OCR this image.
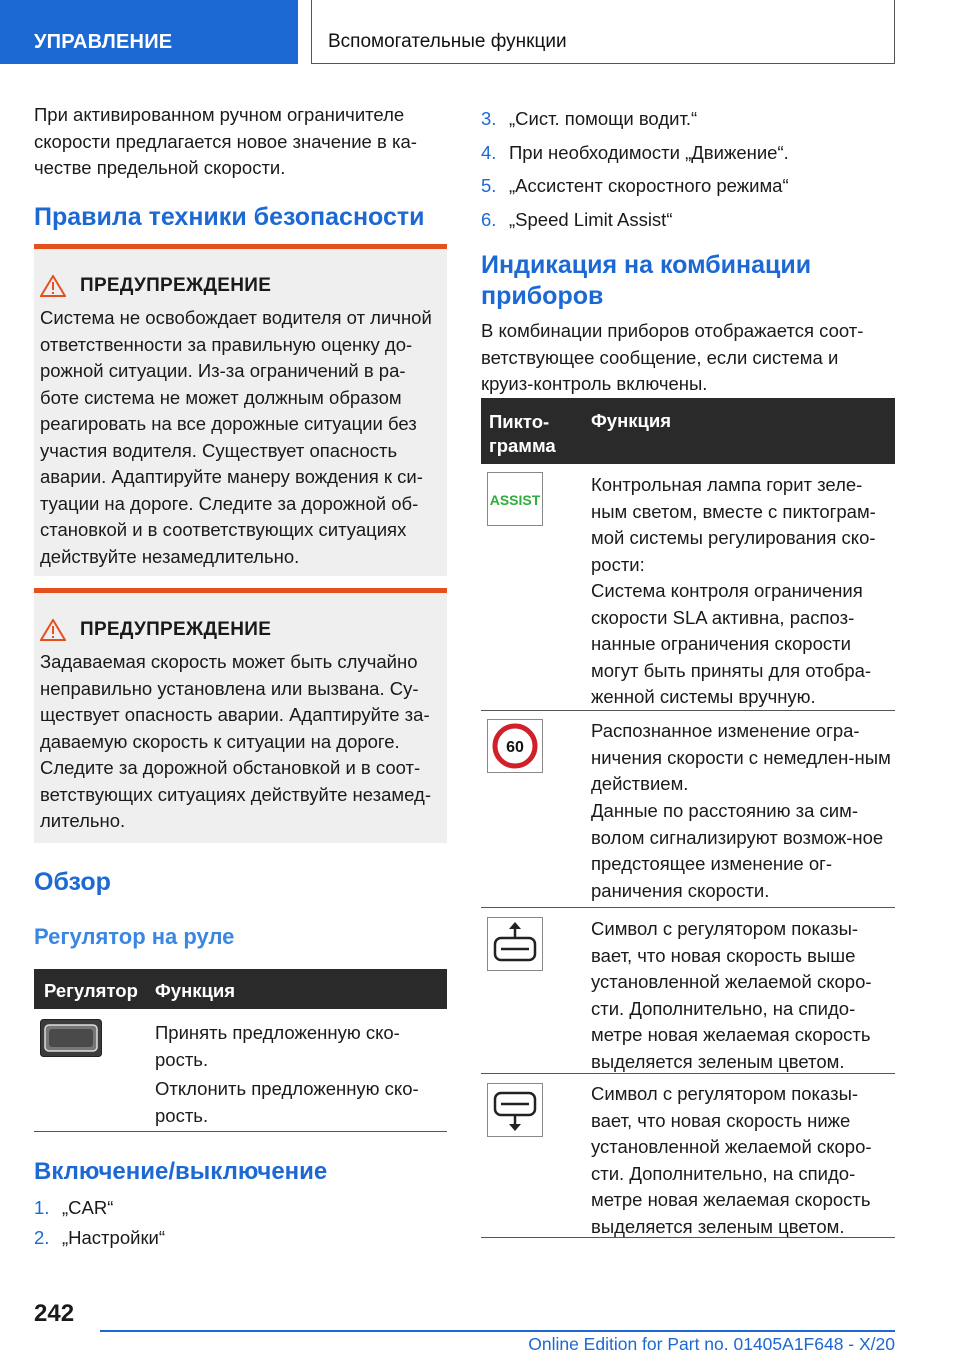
УПРАВЛЕНИЕ	Вспомогательные функции

При активированном ручном ограничителе скорости предлагается новое значение в ка-честве предельной скорости.

Правила техники безопасности
ПРЕДУПРЕЖДЕНИЕ

Система не освобождает водителя от личной ответственности за правильную оценку до-рожной ситуации. Из-за ограничений в ра-боте система не может должным образом реагировать на все дорожные ситуации без участия водителя. Существует опасность аварии. Адаптируйте манеру вождения к си-туации на дороге. Следите за дорожной об-становкой и в соответствующих ситуациях действуйте незамедлительно.

ПРЕДУПРЕЖДЕНИЕ

Задаваемая скорость может быть случайно неправильно установлена или вызвана. Су-ществует опасность аварии. Адаптируйте за-даваемую скорость к ситуации на дороге. Следите за дорожной обстановкой и в соот-ветствующих ситуациях действуйте незамед-лительно.

Обзор
Регулятор на руле
Регулятор Функция

Принять предложенную ско-рость.

Отклонить предложенную ско-рость.

Включение/выключение
1. „CAR“
2. „Настройки“
3. „Сист. помощи водит.“
4. При необходимости „Движение“.
5. „Ассистент скоростного режима“
6. „Speed Limit Assist“
Индикация на комбинации приборов

В комбинации приборов отображается соот-ветствующее сообщение, если система и круиз-контроль включены.

Пикто-грамма
Функция
ASSIST

Контрольная лампа горит зеле-ным светом, вместе с пиктограм-мой системы регулирования ско-рости:

Система контроля ограничения скорости SLA активна, распоз-нанные ограничения скорости могут быть приняты для отобра-женной системы вручную.

60

Распознанное изменение огра-ничения скорости с немедлен-ным действием.

Данные по расстоянию за сим-волом сигнализируют возмож-ное предстоящее изменение ог-раничения скорости.

Символ с регулятором показы-вает, что новая скорость выше установленной желаемой скоро-сти. Дополнительно, на спидо-метре новая желаемая скорость выделяется зеленым цветом.

Символ с регулятором показы-вает, что новая скорость ниже установленной желаемой скоро-сти. Дополнительно, на спидо-метре новая желаемая скорость выделяется зеленым цветом.

242
Online Edition for Part no. 01405A1F648 - X/20
